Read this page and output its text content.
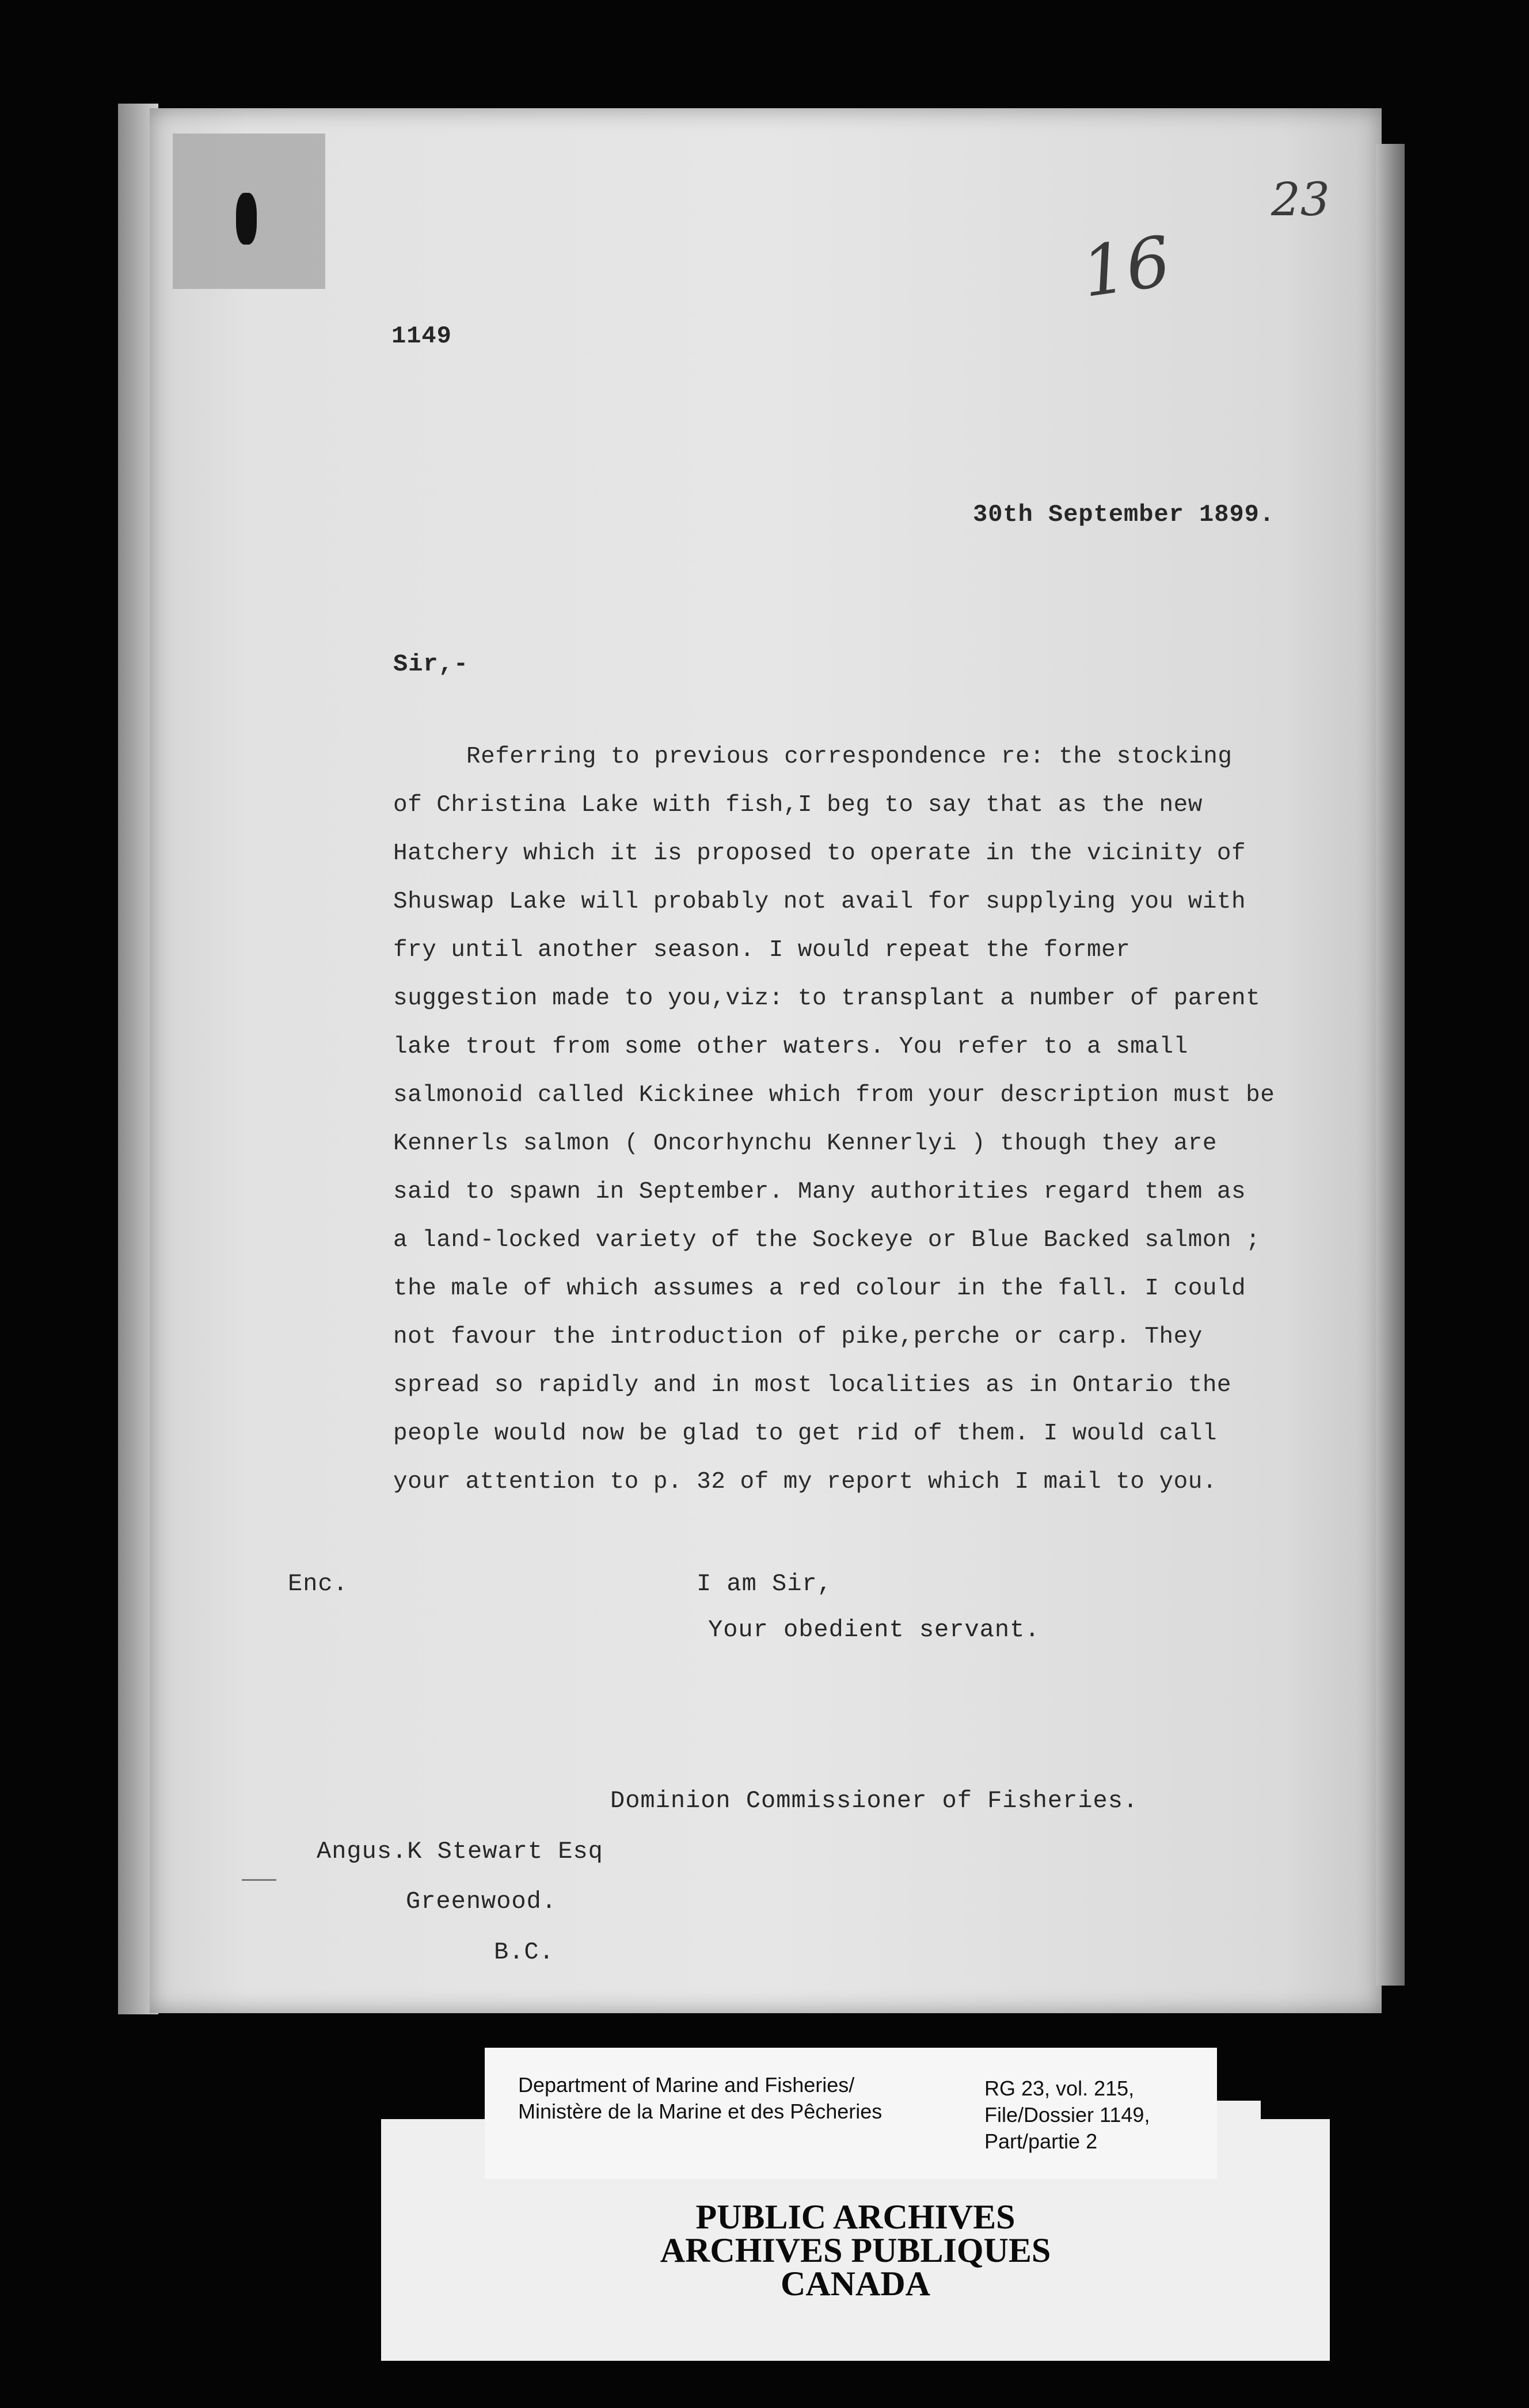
23
16
1149
30th September 1899.
Sir,-
Referring to previous correspondence re: the stocking
of Christina Lake with fish,I beg to say that as the new
Hatchery which it is proposed to operate in the vicinity of
Shuswap Lake will probably not avail for supplying you with
fry until another season. I would repeat the former
suggestion made to you,viz: to transplant a number of parent
lake trout from some other waters. You refer to a small
salmonoid called Kickinee which from your description must be
Kennerls salmon ( Oncorhynchu Kennerlyi ) though they are
said to spawn in September. Many authorities regard them as
a land-locked variety of the Sockeye or Blue Backed salmon ;
the male of which assumes a red colour in the fall. I could
not favour the introduction of pike,perche or carp. They
spread so rapidly and in most localities as in Ontario the
people would now be glad to get rid of them. I would call
your attention to p. 32 of my report which I mail to you.
Enc.	I am Sir,
Your obedient servant.
Dominion Commissioner of Fisheries.
Angus.K Stewart Esq
Greenwood.
B.C.
PUBLIC ARCHIVES
ARCHIVES PUBLIQUES
CANADA
Department of Marine and Fisheries/
Ministère de la Marine et des Pêcheries
RG 23, vol. 215,
File/Dossier 1149,
Part/partie 2
